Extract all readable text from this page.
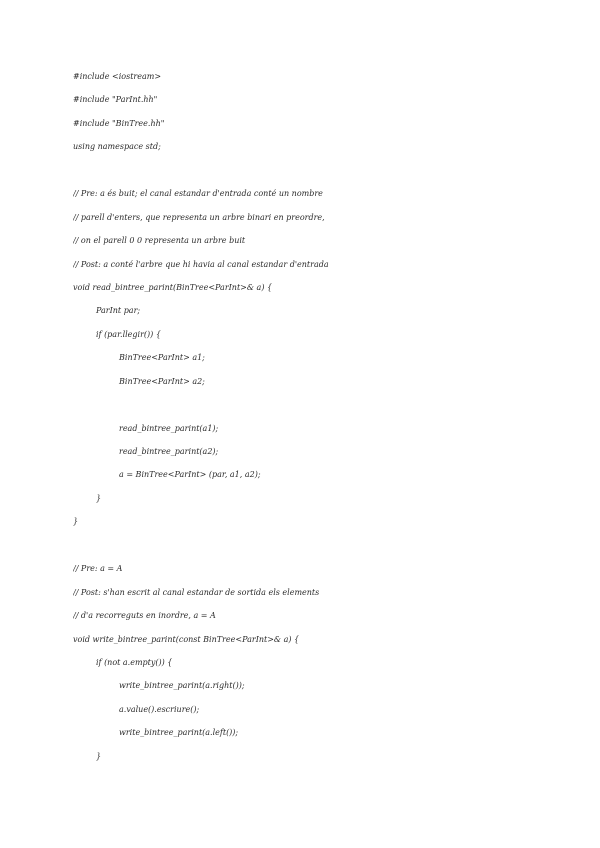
#include <iostream>
#include "ParInt.hh"
#include "BinTree.hh"
using namespace std;
// Pre: a és buit; el canal estandar d'entrada conté un nombre
// parell d'enters, que representa un arbre binari en preordre,
// on el parell 0 0 representa un arbre buit
// Post: a conté l'arbre que hi havia al canal estandar d'entrada
void read_bintree_parint(BinTree<ParInt>& a) {
ParInt par;
if (par.llegir()) {
BinTree<ParInt> a1;
BinTree<ParInt> a2;
read_bintree_parint(a1);
read_bintree_parint(a2);
a = BinTree<ParInt> (par, a1, a2);
}
}
// Pre: a = A
// Post: s'han escrit al canal estandar de sortida els elements
// d'a recorreguts en inordre, a = A
void write_bintree_parint(const BinTree<ParInt>& a) {
if (not a.empty()) {
write_bintree_parint(a.right());
a.value().escriure();
write_bintree_parint(a.left());
}
